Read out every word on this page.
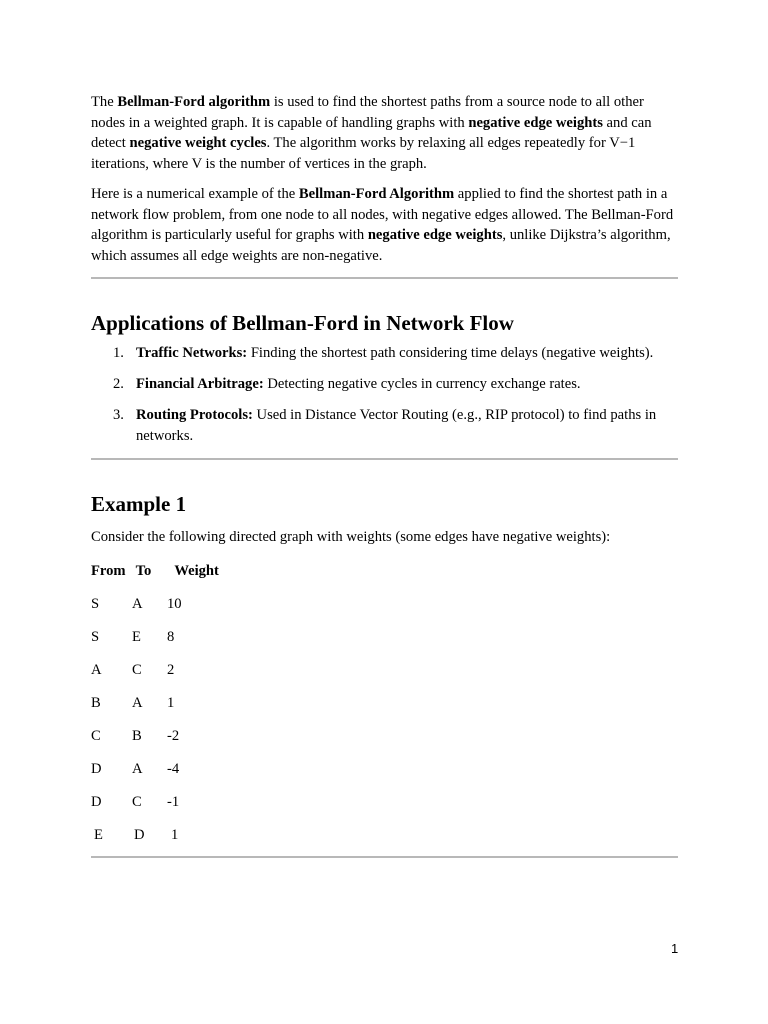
The Bellman-Ford algorithm is used to find the shortest paths from a source node to all other nodes in a weighted graph. It is capable of handling graphs with negative edge weights and can detect negative weight cycles. The algorithm works by relaxing all edges repeatedly for V−1 iterations, where V is the number of vertices in the graph.

Here is a numerical example of the Bellman-Ford Algorithm applied to find the shortest path in a network flow problem, from one node to all nodes, with negative edges allowed. The Bellman-Ford algorithm is particularly useful for graphs with negative edge weights, unlike Dijkstra’s algorithm, which assumes all edge weights are non-negative.

Applications of Bellman-Ford in Network Flow
1. Traffic Networks: Finding the shortest path considering time delays (negative weights).
2. Financial Arbitrage: Detecting negative cycles in currency exchange rates.
3. Routing Protocols: Used in Distance Vector Routing (e.g., RIP protocol) to find paths in networks.
Example 1

Consider the following directed graph with weights (some edges have negative weights):

From To Weight
S A 10
S E 8
A C 2
B A 1
C B -2
D A -4
D C -1
E D 1
1
